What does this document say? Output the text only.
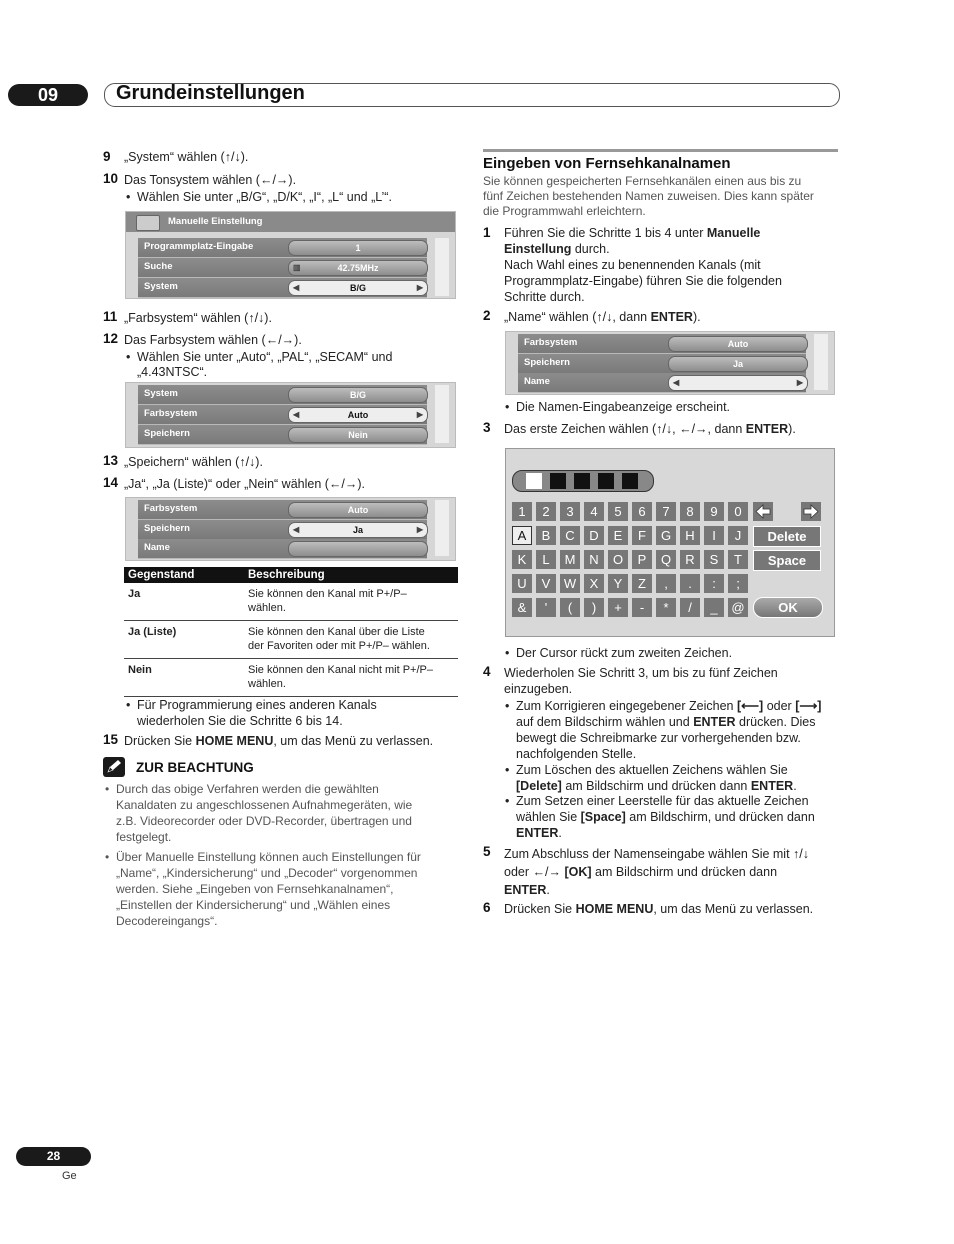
09	Grundeinstellungen
9 „System“ wählen (↑/↓).
10 Das Tonsystem wählen (←/→).
• Wählen Sie unter „B/G“, „D/K“, „I“, „L“ und „L’“.
Manuelle Einstellung
Programmplatz-Eingabe	1
Suche	▥	42.75MHz
System	◀	B/G	▶
11 „Farbsystem“ wählen (↑/↓).
12 Das Farbsystem wählen (←/→).
• Wählen Sie unter „Auto“, „PAL“, „SECAM“ und
„4.43NTSC“.
System	B/G
Farbsystem	◀	Auto	▶
Speichern	Nein
13 „Speichern“ wählen (↑/↓).
14 „Ja“, „Ja (Liste)“ oder „Nein“ wählen (←/→).
Farbsystem	Auto
Speichern	◀	Ja	▶
Name
Gegenstand	Beschreibung
Ja	Sie können den Kanal mit P+/P–
wählen.
Ja (Liste)	Sie können den Kanal über die Liste
der Favoriten oder mit P+/P– wählen.
Nein	Sie können den Kanal nicht mit P+/P–
wählen.
• Für Programmierung eines anderen Kanals
wiederholen Sie die Schritte 6 bis 14.
15 Drücken Sie HOME MENU, um das Menü zu verlassen.
ZUR BEACHTUNG
• Durch das obige Verfahren werden die gewählten
Kanaldaten zu angeschlossenen Aufnahmegeräten, wie
z.B. Videorecorder oder DVD-Recorder, übertragen und
festgelegt.
• Über Manuelle Einstellung können auch Einstellungen für
„Name“, „Kindersicherung“ und „Decoder“ vorgenommen
werden. Siehe „Eingeben von Fernsehkanalnamen“,
„Einstellen der Kindersicherung“ und „Wählen eines
Decodereingangs“.
Eingeben von Fernsehkanalnamen
Sie können gespeicherten Fernsehkanälen einen aus bis zu
fünf Zeichen bestehenden Namen zuweisen. Dies kann später
die Programmwahl erleichtern.
1 Führen Sie die Schritte 1 bis 4 unter Manuelle
Einstellung durch.
Nach Wahl eines zu benennenden Kanals (mit
Programmplatz-Eingabe) führen Sie die folgenden
Schritte durch.
2 „Name“ wählen (↑/↓, dann ENTER).
Farbsystem	Auto
Speichern	Ja
Name	◀	▶
• Die Namen-Eingabeanzeige erscheint.
3 Das erste Zeichen wählen (↑/↓, ←/→, dann ENTER).
1	2	3	4	5	6	7	8	9	0
A	B	C	D	E	F	G	H	I	J
K	L	M	N	O	P	Q	R	S	T
U	V	W	X	Y	Z	,	.	:	;
&	'	(	)	+	-	*	/	_	@
Delete
Space
OK
• Der Cursor rückt zum zweiten Zeichen.
4 Wiederholen Sie Schritt 3, um bis zu fünf Zeichen
einzugeben.
• Zum Korrigieren eingegebener Zeichen [⟵] oder [⟶]
auf dem Bildschirm wählen und ENTER drücken. Dies
bewegt die Schreibmarke zur vorhergehenden bzw.
nachfolgenden Stelle.
• Zum Löschen des aktuellen Zeichens wählen Sie
[Delete] am Bildschirm und drücken dann ENTER.
• Zum Setzen einer Leerstelle für das aktuelle Zeichen
wählen Sie [Space] am Bildschirm, und drücken dann
ENTER.
5 Zum Abschluss der Namenseingabe wählen Sie mit ↑/↓
oder ←/→ [OK] am Bildschirm und drücken dann
ENTER.
6 Drücken Sie HOME MENU, um das Menü zu verlassen.
28
Ge
